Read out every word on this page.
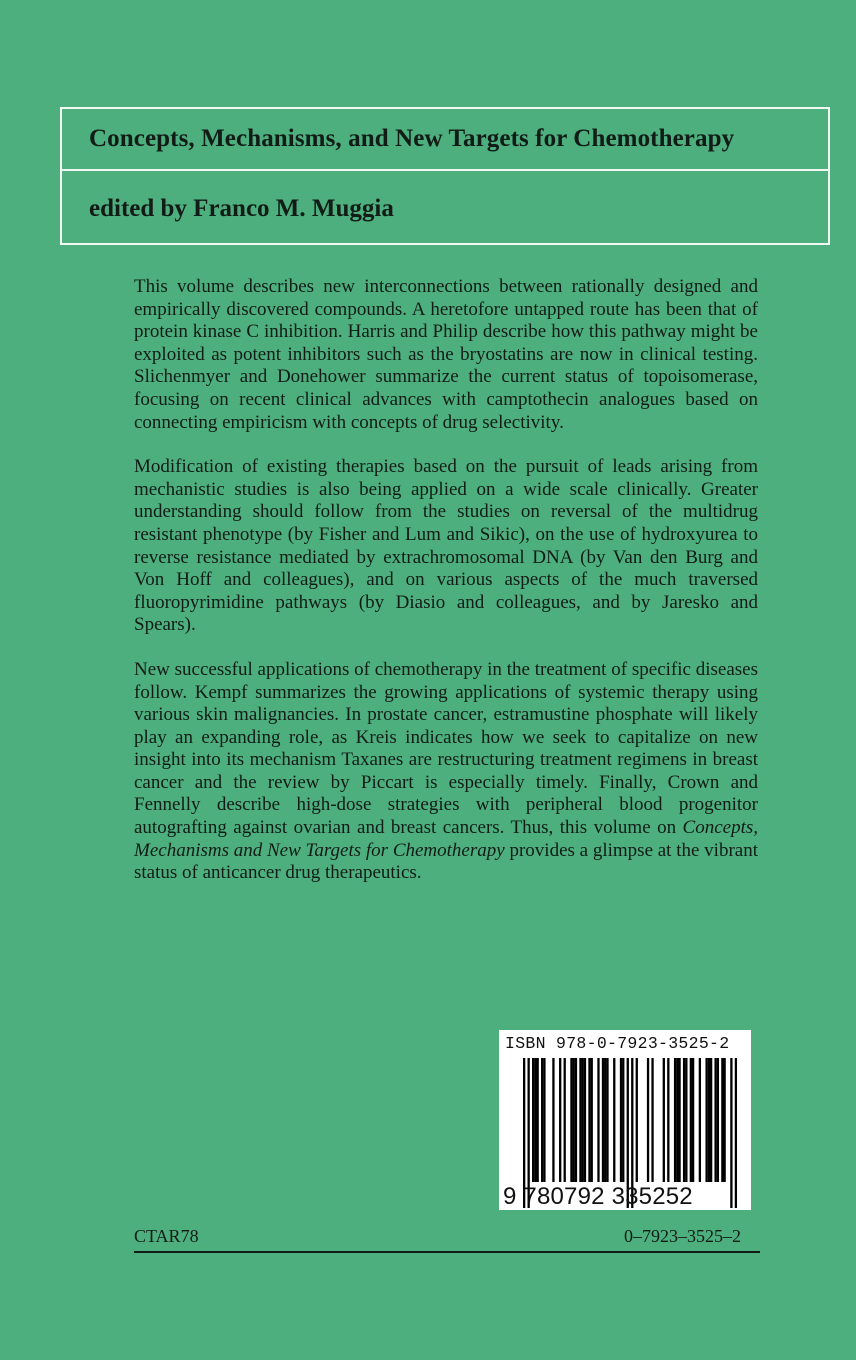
Concepts, Mechanisms, and New Targets for Chemotherapy
edited by Franco M. Muggia

This volume describes new interconnections between rationally designed and empirically discovered compounds. A heretofore untapped route has been that of protein kinase C inhibition. Harris and Philip describe how this pathway might be exploited as potent inhibitors such as the bryostatins are now in clinical testing. Slichenmyer and Donehower summarize the current status of topoisomerase, focusing on recent clinical advances with camptothecin analogues based on connecting empiricism with concepts of drug selectivity.

Modification of existing therapies based on the pursuit of leads arising from mechanistic studies is also being applied on a wide scale clinically. Greater understanding should follow from the studies on reversal of the multidrug resistant phenotype (by Fisher and Lum and Sikic), on the use of hydroxyurea to reverse resistance mediated by extrachromosomal DNA (by Van den Burg and Von Hoff and colleagues), and on various aspects of the much traversed fluoropyrimidine pathways (by Diasio and colleagues, and by Jaresko and Spears).

New successful applications of chemotherapy in the treatment of specific diseases follow. Kempf summarizes the growing applications of systemic therapy using various skin malignancies. In prostate cancer, estramustine phosphate will likely play an expanding role, as Kreis indicates how we seek to capitalize on new insight into its mechanism Taxanes are restructuring treatment regimens in breast cancer and the review by Piccart is especially timely. Finally, Crown and Fennelly describe high-dose strategies with peripheral blood progenitor autografting against ovarian and breast cancers. Thus, this volume on Concepts, Mechanisms and New Targets for Chemotherapy provides a glimpse at the vibrant status of anticancer drug therapeutics.

ISBN 978-0-7923-3525-2
9 780792 335252
CTAR78	0–7923–3525–2
